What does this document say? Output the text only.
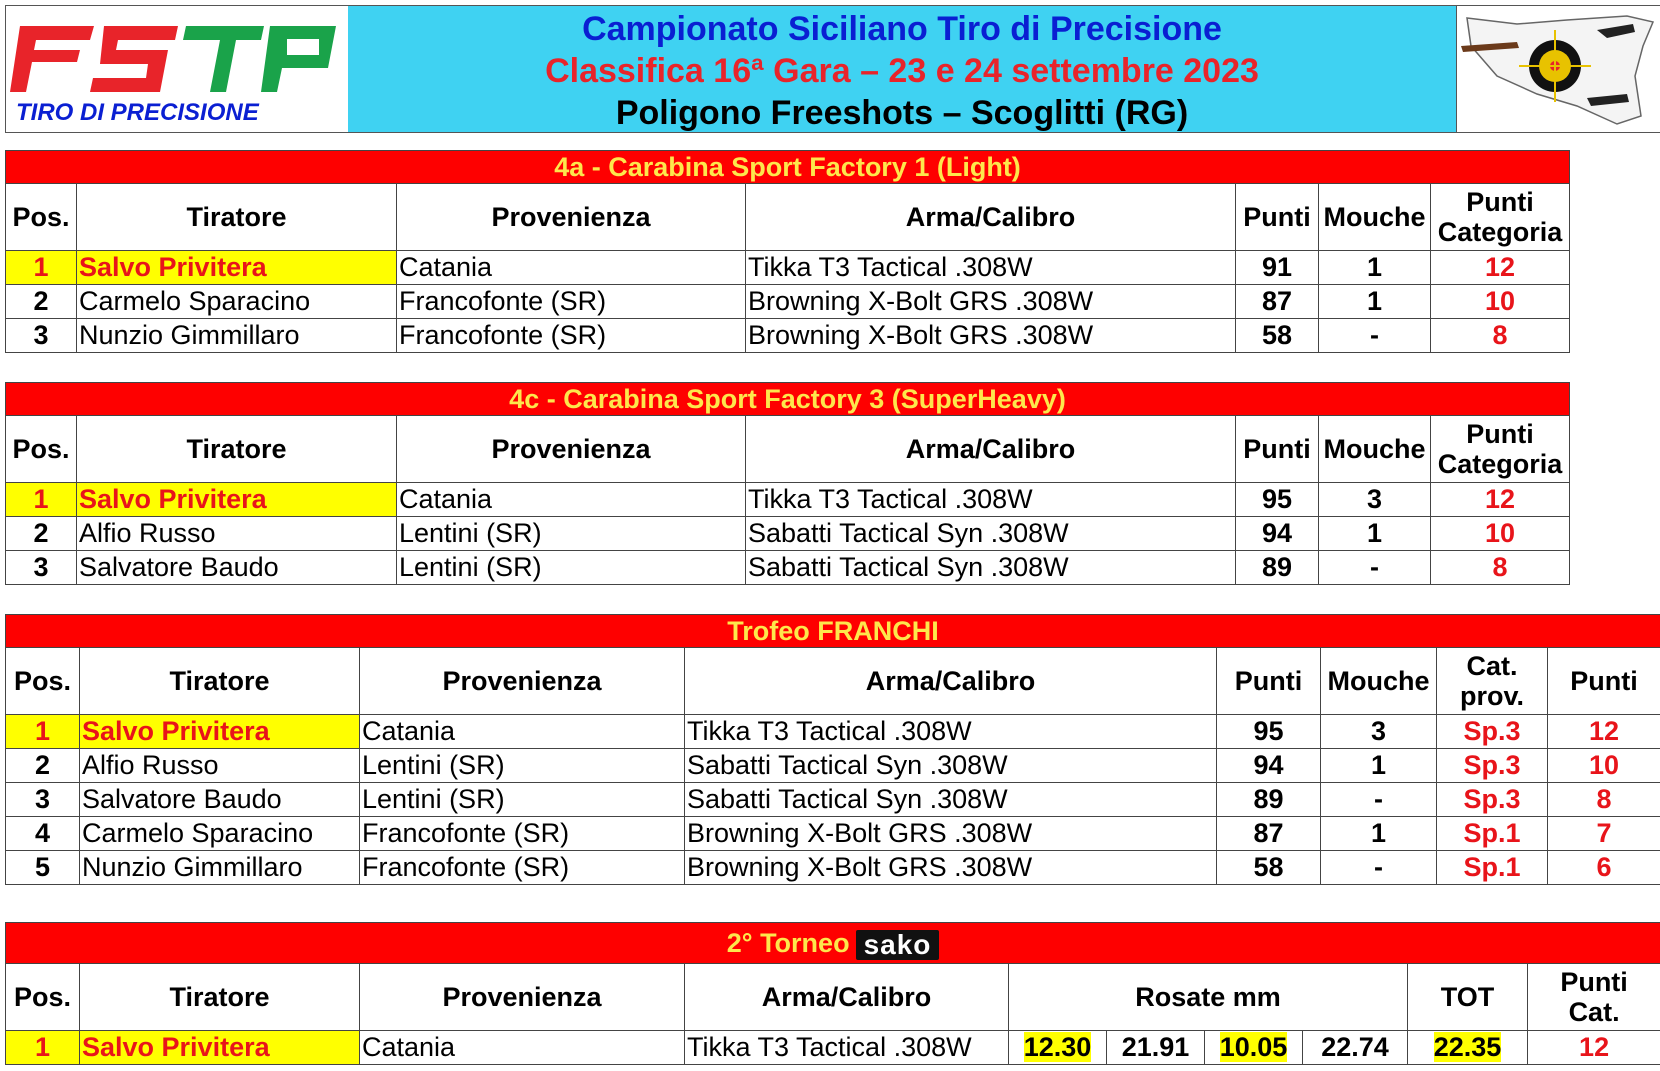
TIRO DI PRECISIONE
Campionato Siciliano Tiro di Precisione
Classifica 16ª Gara – 23 e 24 settembre 2023
Poligono Freeshots – Scoglitti (RG)
4a - Carabina Sport Factory 1 (Light)						
Pos.	Tiratore	Provenienza	Arma/Calibro	Punti	Mouche	Punti
Categoria
1	Salvo Privitera	Catania	Tikka T3 Tactical .308W	91	1	12
2	Carmelo Sparacino	Francofonte (SR)	Browning X-Bolt GRS .308W	87	1	10
3	Nunzio Gimmillaro	Francofonte (SR)	Browning X-Bolt GRS .308W	58	-	8
4c - Carabina Sport Factory 3 (SuperHeavy)						
Pos.	Tiratore	Provenienza	Arma/Calibro	Punti	Mouche	Punti
Categoria
1	Salvo Privitera	Catania	Tikka T3 Tactical .308W	95	3	12
2	Alfio Russo	Lentini (SR)	Sabatti Tactical Syn .308W	94	1	10
3	Salvatore Baudo	Lentini (SR)	Sabatti Tactical Syn .308W	89	-	8
Trofeo FRANCHI							
Pos.	Tiratore	Provenienza	Arma/Calibro	Punti	Mouche	Cat.
prov.	Punti
1	Salvo Privitera	Catania	Tikka T3 Tactical .308W	95	3	Sp.3	12
2	Alfio Russo	Lentini (SR)	Sabatti Tactical Syn .308W	94	1	Sp.3	10
3	Salvatore Baudo	Lentini (SR)	Sabatti Tactical Syn .308W	89	-	Sp.3	8
4	Carmelo Sparacino	Francofonte (SR)	Browning X-Bolt GRS .308W	87	1	Sp.1	7
5	Nunzio Gimmillaro	Francofonte (SR)	Browning X-Bolt GRS .308W	58	-	Sp.1	6
2° Torneo sako									
Pos.	Tiratore	Provenienza	Arma/Calibro	Rosate mm				TOT	Punti
Cat.
1	Salvo Privitera	Catania	Tikka T3 Tactical .308W	12.30	21.91	10.05	22.74	22.35	12
